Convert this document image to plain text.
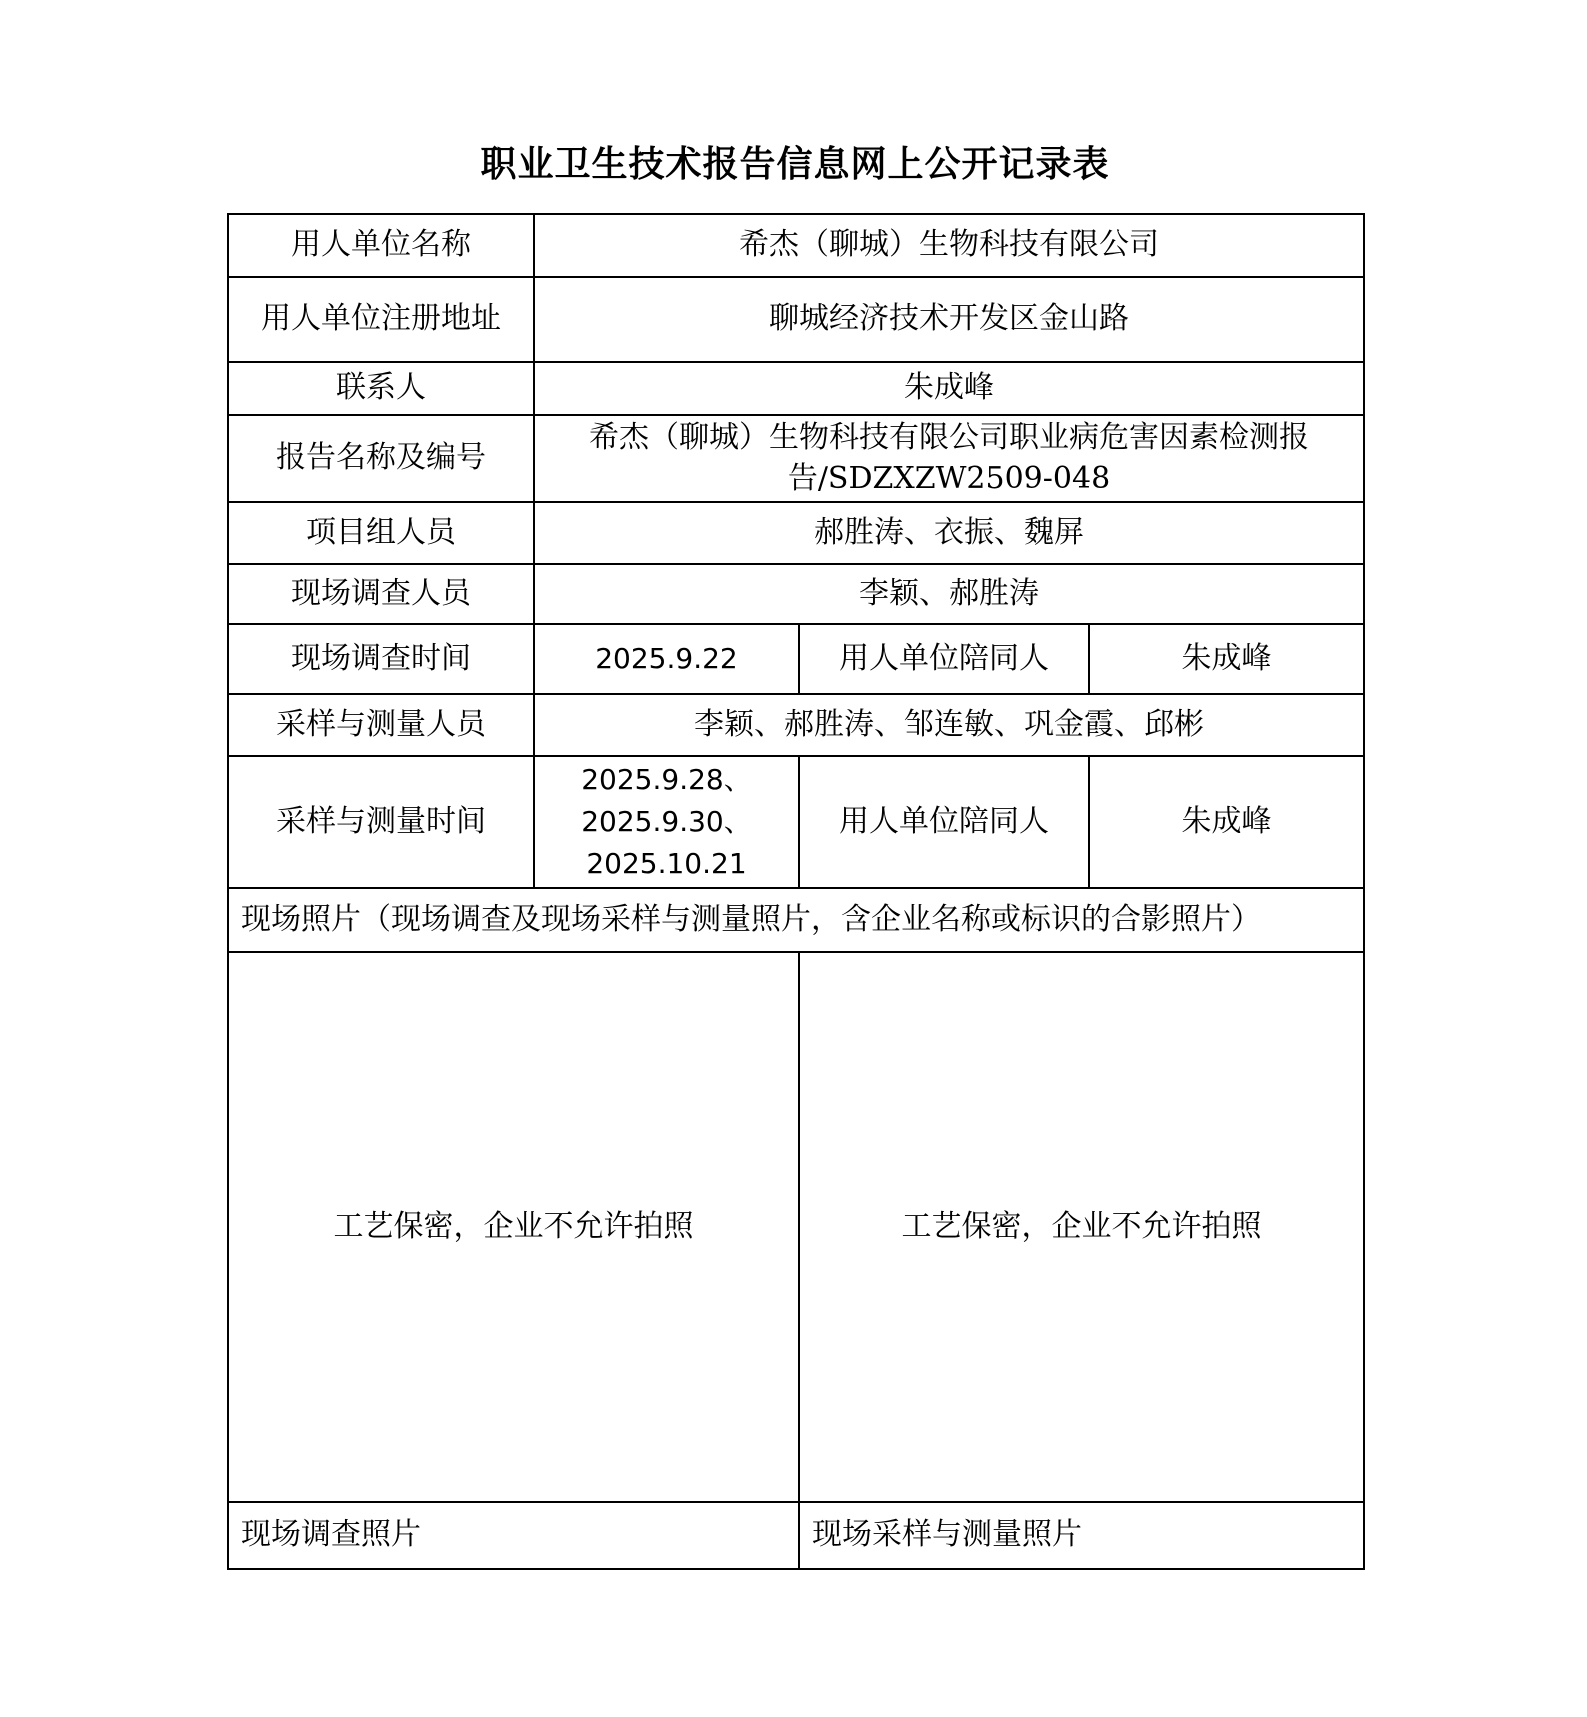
职业卫生技术报告信息网上公开记录表
用人单位名称	希杰（聊城）生物科技有限公司		
用人单位注册地址	聊城经济技术开发区金山路		
联系人	朱成峰		
报告名称及编号	希杰（聊城）生物科技有限公司职业病危害因素检测报告/SDZXZW2509-048		
项目组人员	郝胜涛、衣振、魏屏		
现场调查人员	李颖、郝胜涛		
现场调查时间	2025.9.22	用人单位陪同人	朱成峰
采样与测量人员	李颖、郝胜涛、邹连敏、巩金霞、邱彬		
采样与测量时间	2025.9.28、
2025.9.30、
2025.10.21	用人单位陪同人	朱成峰
现场照片（现场调查及现场采样与测量照片，含企业名称或标识的合影照片）			
工艺保密，企业不允许拍照		工艺保密，企业不允许拍照	
现场调查照片		现场采样与测量照片	
